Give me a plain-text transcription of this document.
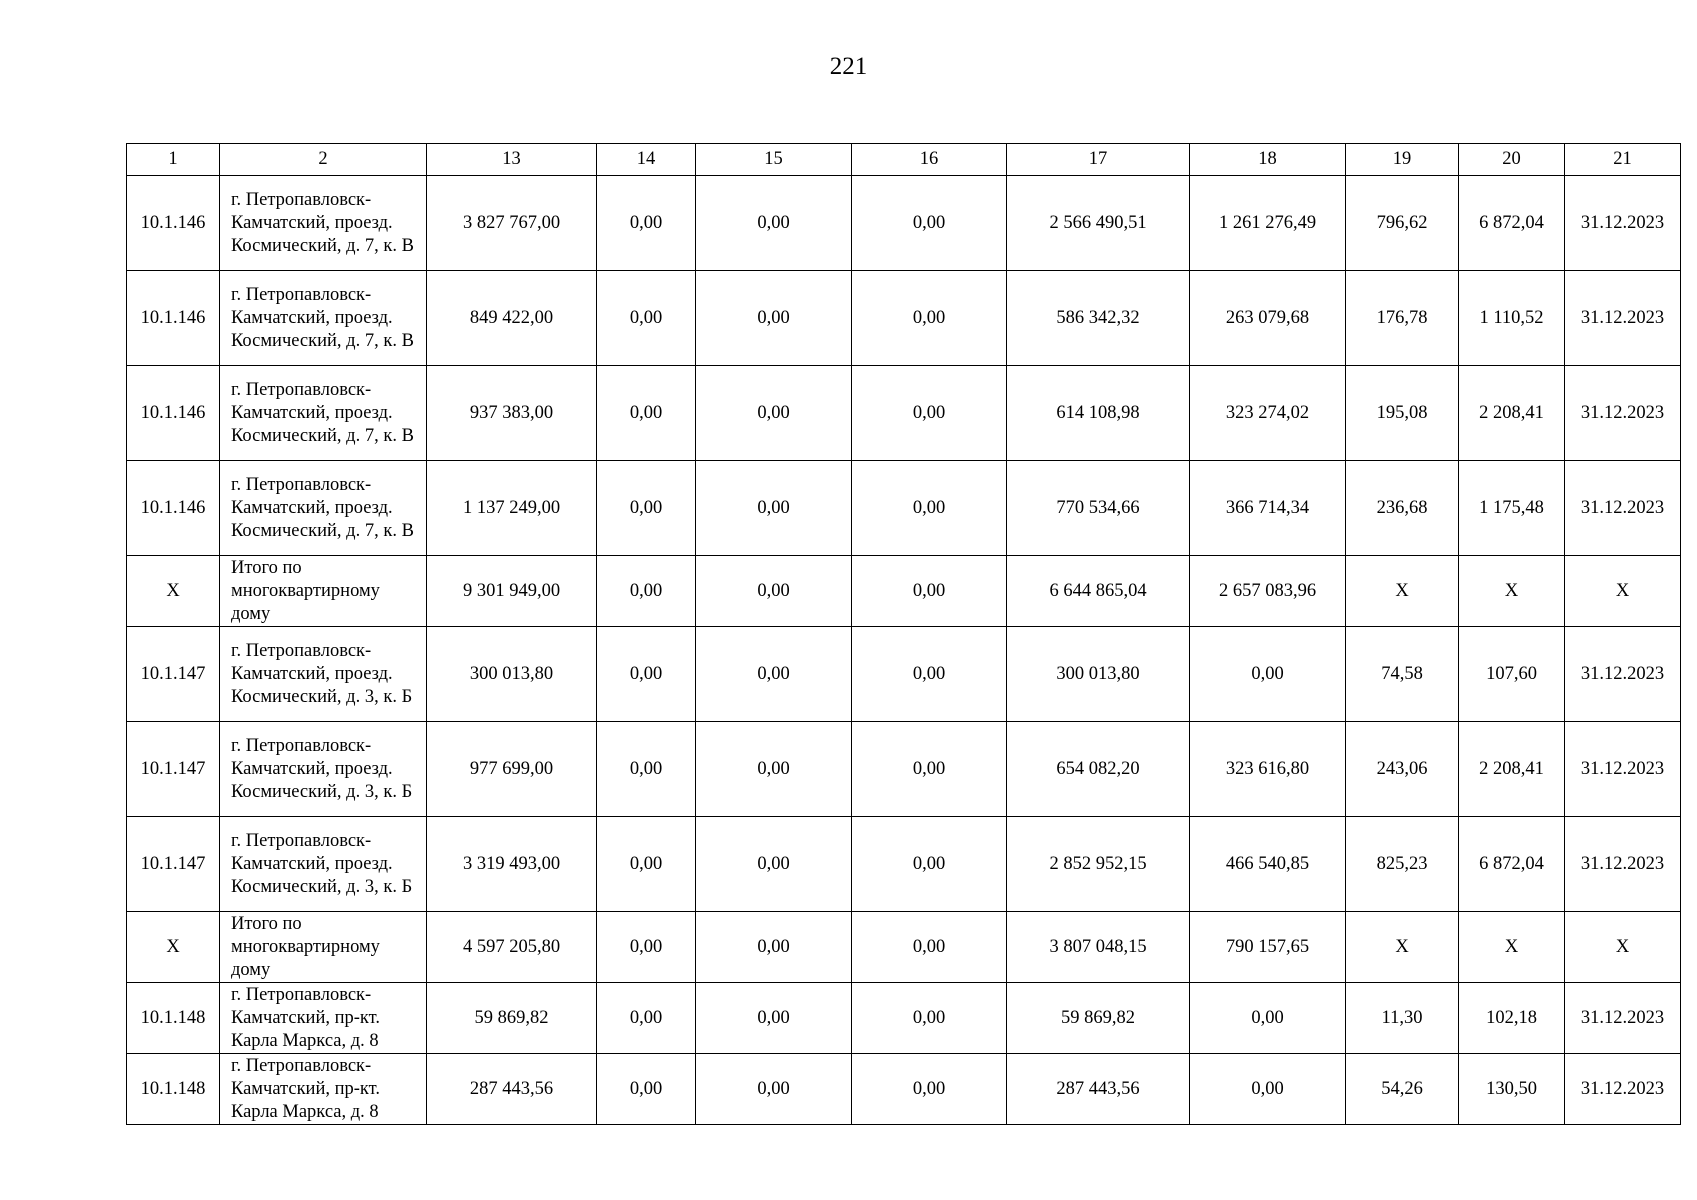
221
1	2	13	14	15	16	17	18	19	20	21
10.1.146	г. Петропавловск-Камчатский, проезд. Космический, д. 7, к. В	3 827 767,00	0,00	0,00	0,00	2 566 490,51	1 261 276,49	796,62	6 872,04	31.12.2023
10.1.146	г. Петропавловск-Камчатский, проезд. Космический, д. 7, к. В	849 422,00	0,00	0,00	0,00	586 342,32	263 079,68	176,78	1 110,52	31.12.2023
10.1.146	г. Петропавловск-Камчатский, проезд. Космический, д. 7, к. В	937 383,00	0,00	0,00	0,00	614 108,98	323 274,02	195,08	2 208,41	31.12.2023
10.1.146	г. Петропавловск-Камчатский, проезд. Космический, д. 7, к. В	1 137 249,00	0,00	0,00	0,00	770 534,66	366 714,34	236,68	1 175,48	31.12.2023
Х	Итого по многоквартирному дому	9 301 949,00	0,00	0,00	0,00	6 644 865,04	2 657 083,96	Х	Х	Х
10.1.147	г. Петропавловск-Камчатский, проезд. Космический, д. 3, к. Б	300 013,80	0,00	0,00	0,00	300 013,80	0,00	74,58	107,60	31.12.2023
10.1.147	г. Петропавловск-Камчатский, проезд. Космический, д. 3, к. Б	977 699,00	0,00	0,00	0,00	654 082,20	323 616,80	243,06	2 208,41	31.12.2023
10.1.147	г. Петропавловск-Камчатский, проезд. Космический, д. 3, к. Б	3 319 493,00	0,00	0,00	0,00	2 852 952,15	466 540,85	825,23	6 872,04	31.12.2023
Х	Итого по многоквартирному дому	4 597 205,80	0,00	0,00	0,00	3 807 048,15	790 157,65	Х	Х	Х
10.1.148	г. Петропавловск-Камчатский, пр-кт. Карла Маркса, д. 8	59 869,82	0,00	0,00	0,00	59 869,82	0,00	11,30	102,18	31.12.2023
10.1.148	г. Петропавловск-Камчатский, пр-кт. Карла Маркса, д. 8	287 443,56	0,00	0,00	0,00	287 443,56	0,00	54,26	130,50	31.12.2023
